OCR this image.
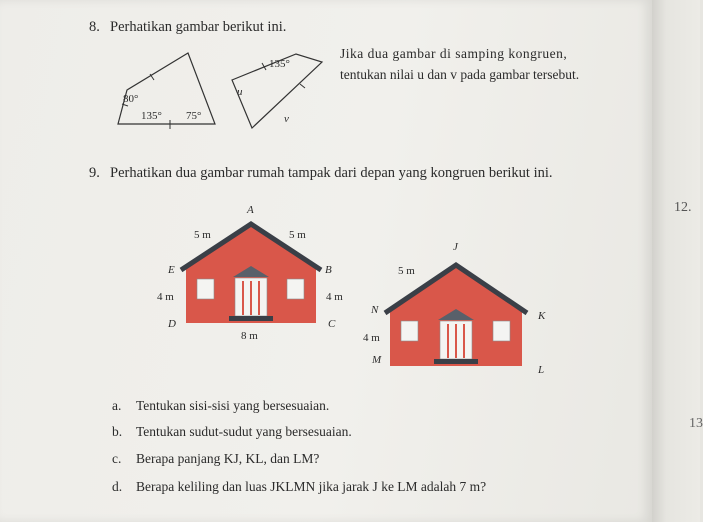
8. Perhatikan gambar berikut ini.
Jika dua gambar di samping kongruen,
tentukan nilai u dan v pada gambar tersebut.
80°
135° 75°
135°
u
v
9. Perhatikan dua gambar rumah tampak dari depan yang kongruen berikut ini.
A
5 m	5 m
E	B
4 m	4 m
D	C
8 m
J
5 m
N	K
4 m
M
L
a. Tentukan sisi-sisi yang bersesuaian.
b. Tentukan sudut-sudut yang bersesuaian.
c. Berapa panjang KJ, KL, dan LM?
d. Berapa keliling dan luas JKLMN jika jarak J ke LM adalah 7 m?
12.
13
